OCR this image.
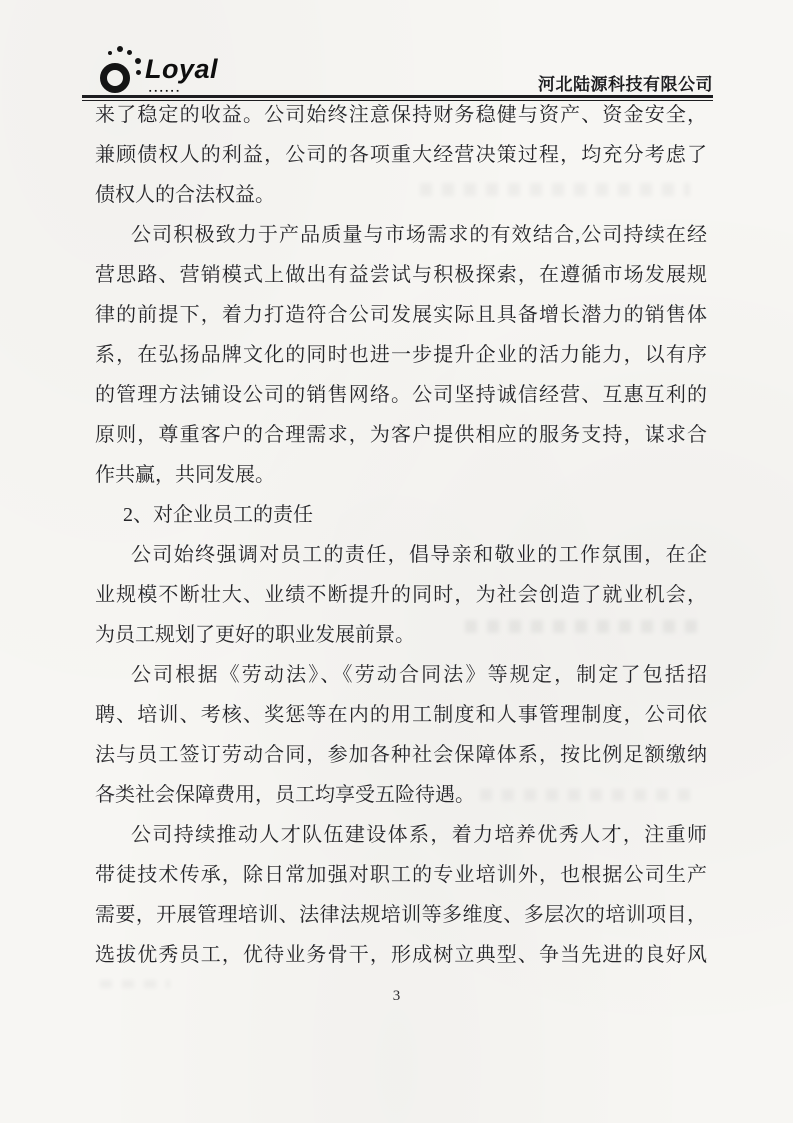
Loyal
▪▪▪▪▪▪	河北陆源科技有限公司
来了稳定的收益。公司始终注意保持财务稳健与资产、资金安全，
兼顾债权人的利益，公司的各项重大经营决策过程，均充分考虑了
债权人的合法权益。
公司积极致力于产品质量与市场需求的有效结合,公司持续在经
营思路、营销模式上做出有益尝试与积极探索，在遵循市场发展规
律的前提下，着力打造符合公司发展实际且具备增长潜力的销售体
系，在弘扬品牌文化的同时也进一步提升企业的活力能力，以有序
的管理方法铺设公司的销售网络。公司坚持诚信经营、互惠互利的
原则，尊重客户的合理需求，为客户提供相应的服务支持，谋求合
作共赢，共同发展。
2、对企业员工的责任
公司始终强调对员工的责任，倡导亲和敬业的工作氛围，在企
业规模不断壮大、业绩不断提升的同时，为社会创造了就业机会，
为员工规划了更好的职业发展前景。
公司根据《劳动法》、《劳动合同法》等规定，制定了包括招
聘、培训、考核、奖惩等在内的用工制度和人事管理制度，公司依
法与员工签订劳动合同，参加各种社会保障体系，按比例足额缴纳
各类社会保障费用，员工均享受五险待遇。
公司持续推动人才队伍建设体系，着力培养优秀人才，注重师
带徒技术传承，除日常加强对职工的专业培训外，也根据公司生产
需要，开展管理培训、法律法规培训等多维度、多层次的培训项目，
选拔优秀员工，优待业务骨干，形成树立典型、争当先进的良好风
3
